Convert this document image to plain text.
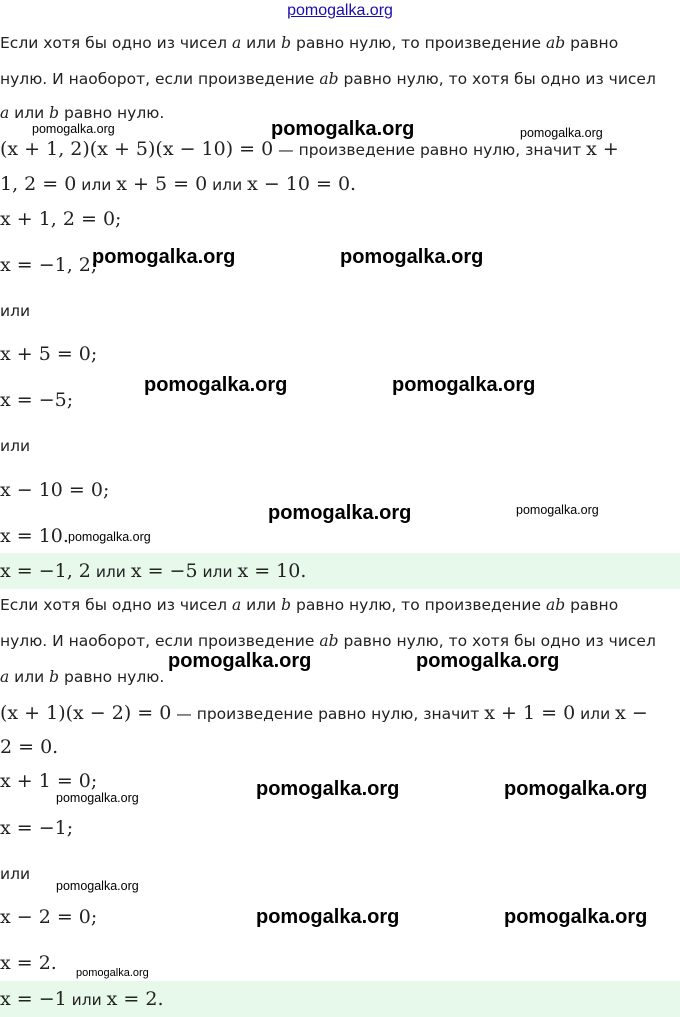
pomogalka.org
Если хотя бы одно из чисел a или b равно нулю, то произведение ab равно
нулю. И наоборот, если произведение ab равно нулю, то хотя бы одно из чисел
a или b равно нулю.
(x + 1, 2)(x + 5)(x − 10) = 0 — произведение равно нулю, значит x +
1, 2 = 0 или x + 5 = 0 или x − 10 = 0.
x + 1, 2 = 0;
x = −1, 2;
или
x + 5 = 0;
x = −5;
или
x − 10 = 0;
x = 10.
x = −1, 2 или x = −5 или x = 10.
Если хотя бы одно из чисел a или b равно нулю, то произведение ab равно
нулю. И наоборот, если произведение ab равно нулю, то хотя бы одно из чисел
a или b равно нулю.
(x + 1)(x − 2) = 0 — произведение равно нулю, значит x + 1 = 0 или x −
2 = 0.
x + 1 = 0;
x = −1;
или
x − 2 = 0;
x = 2.
x = −1 или x = 2.
pomogalka.org	pomogalka.org	pomogalka.org
pomogalka.org	pomogalka.org
pomogalka.org	pomogalka.org
pomogalka.org
pomogalka.org	pomogalka.org
pomogalka.org	pomogalka.org
pomogalka.org	pomogalka.org	pomogalka.org
pomogalka.org
pomogalka.org	pomogalka.org
pomogalka.org
